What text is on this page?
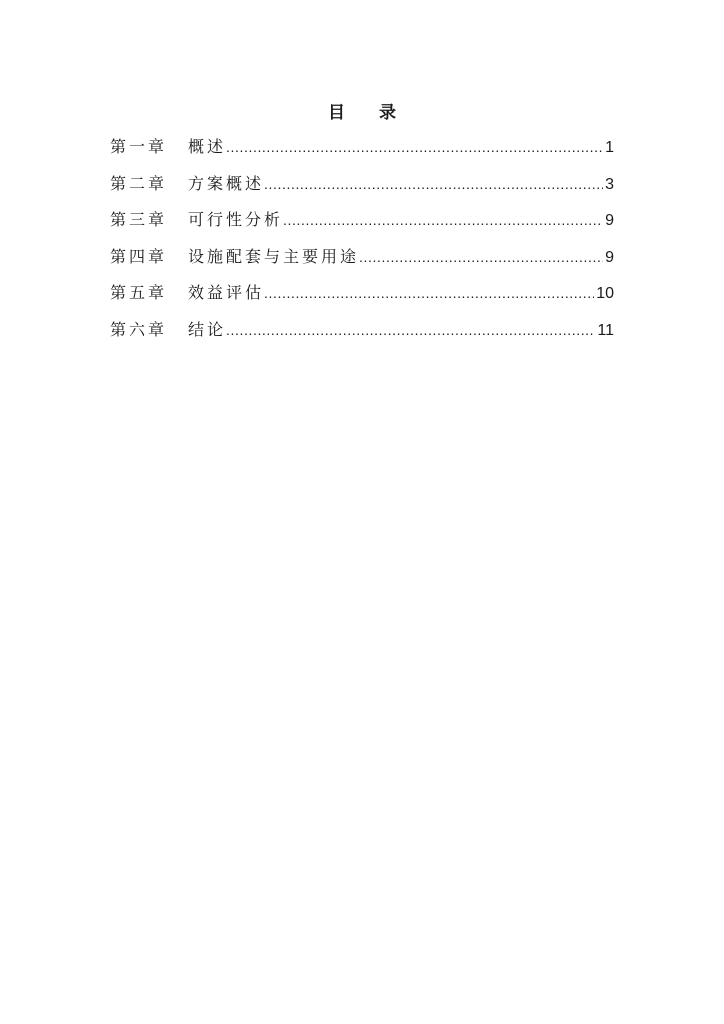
目 录
第一章	概述 .....	1
第二章	方案概述 .....	3
第三章	可行性分析 .....	9
第四章	设施配套与主要用途 .....	9
第五章	效益评估 .....	10
第六章	结论 .....	11
